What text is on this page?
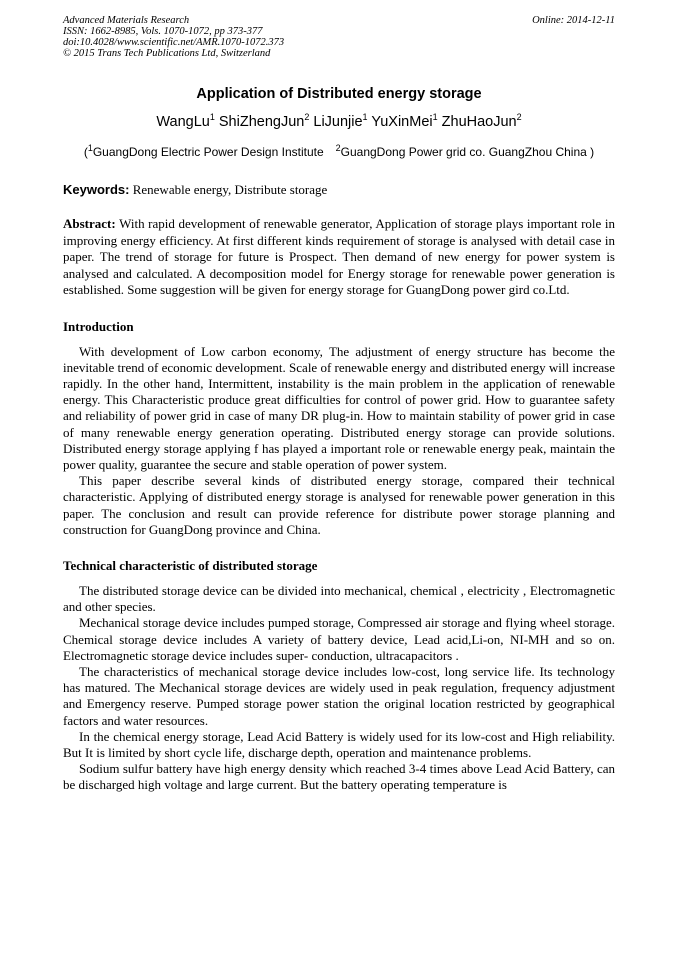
Advanced Materials Research
ISSN: 1662-8985, Vols. 1070-1072, pp 373-377
doi:10.4028/www.scientific.net/AMR.1070-1072.373
© 2015 Trans Tech Publications Ltd, Switzerland
Online: 2014-12-11
Application of Distributed energy storage
WangLu$^1$ ShiZhengJun$^2$ LiJunjie$^1$ YuXinMei$^1$ ZhuHaoJun$^2$
($^1$GuangDong Electric Power Design Institute $^2$GuangDong Power grid co. GuangZhou China )
Keywords: Renewable energy, Distribute storage
Abstract: With rapid development of renewable generator, Application of storage plays important role in improving energy efficiency. At first different kinds requirement of storage is analysed with detail case in paper. The trend of storage for future is Prospect. Then demand of new energy for power system is analysed and calculated. A decomposition model for Energy storage for renewable power generation is established. Some suggestion will be given for energy storage for GuangDong power gird co.Ltd.
Introduction

With development of Low carbon economy, The adjustment of energy structure has become the inevitable trend of economic development. Scale of renewable energy and distributed energy will increase rapidly. In the other hand, Intermittent, instability is the main problem in the application of renewable energy. This Characteristic produce great difficulties for control of power grid. How to guarantee safety and reliability of power grid in case of many DR plug-in. How to maintain stability of power grid in case of many renewable energy generation operating. Distributed energy storage can provide solutions. Distributed energy storage applying f has played a important role or renewable energy peak, maintain the power quality, guarantee the secure and stable operation of power system.

This paper describe several kinds of distributed energy storage, compared their technical characteristic. Applying of distributed energy storage is analysed for renewable power generation in this paper. The conclusion and result can provide reference for distribute power storage planning and construction for GuangDong province and China.

Technical characteristic of distributed storage

The distributed storage device can be divided into mechanical, chemical , electricity , Electromagnetic and other species.

Mechanical storage device includes pumped storage, Compressed air storage and flying wheel storage. Chemical storage device includes A variety of battery device, Lead acid,Li-on, NI-MH and so on. Electromagnetic storage device includes super- conduction, ultracapacitors .

The characteristics of mechanical storage device includes low-cost, long service life. Its technology has matured. The Mechanical storage devices are widely used in peak regulation, frequency adjustment and Emergency reserve. Pumped storage power station the original location restricted by geographical factors and water resources.

In the chemical energy storage, Lead Acid Battery is widely used for its low-cost and High reliability. But It is limited by short cycle life, discharge depth, operation and maintenance problems.

Sodium sulfur battery have high energy density which reached 3-4 times above Lead Acid Battery, can be discharged high voltage and large current. But the battery operating temperature is
